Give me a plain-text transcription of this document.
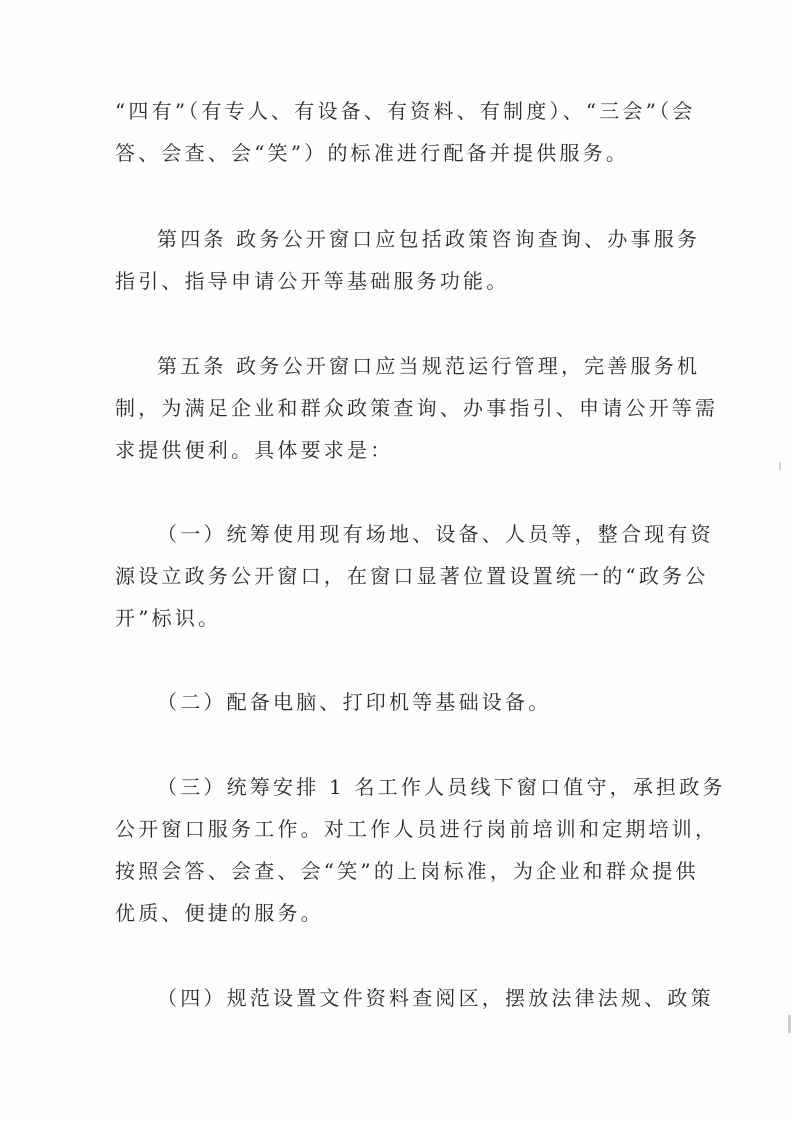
“四有”（有专人、有设备、有资料、有制度）、“三会”（会
答、会查、会“笑”）的标准进行配备并提供服务。
第四条 政务公开窗口应包括政策咨询查询、办事服务
指引、指导申请公开等基础服务功能。
第五条 政务公开窗口应当规范运行管理，完善服务机
制，为满足企业和群众政策查询、办事指引、申请公开等需
求提供便利。具体要求是：
（一）统筹使用现有场地、设备、人员等，整合现有资
源设立政务公开窗口，在窗口显著位置设置统一的“政务公
开”标识。
（二）配备电脑、打印机等基础设备。
（三）统筹安排 1 名工作人员线下窗口值守，承担政务
公开窗口服务工作。对工作人员进行岗前培训和定期培训，
按照会答、会查、会“笑”的上岗标准，为企业和群众提供
优质、便捷的服务。
（四）规范设置文件资料查阅区，摆放法律法规、政策
